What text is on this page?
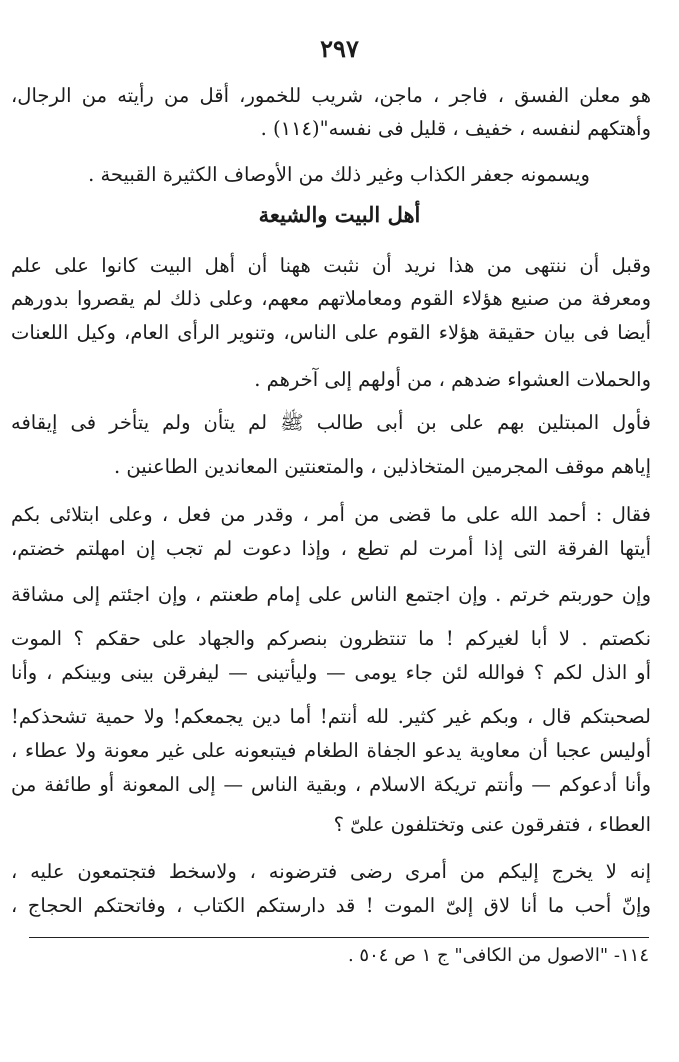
٢٩٧
هو معلن الفسق ، فاجر ، ماجن، شريب للخمور، أقل من رأيته من الرجال،
وأهتكهم لنفسه ، خفيف ، قليل فى نفسه"(١١٤) .
ويسمونه جعفر الكذاب وغير ذلك من الأوصاف الكثيرة القبيحة .
أهل البيت والشيعة
وقبل أن ننتهى من هذا نريد أن نثبت ههنا أن أهل البيت كانوا على علم
ومعرفة من صنيع هؤلاء القوم ومعاملاتهم معهم، وعلى ذلك لم يقصروا بدورهم
أيضا فى بيان حقيقة هؤلاء القوم على الناس، وتنوير الرأى العام، وكيل اللعنات
والحملات العشواء ضدهم ، من أولهم إلى آخرهم .
فأول المبتلين بهم على بن أبى طالب ﷺ لم يتأن ولم يتأخر فى إيقافه
إياهم موقف المجرمين المتخاذلين ، والمتعنتين المعاندين الطاعنين .
فقال : أحمد الله على ما قضى من أمر ، وقدر من فعل ، وعلى ابتلائى بكم
أيتها الفرقة التى إذا أمرت لم تطع ، وإذا دعوت لم تجب إن امهلتم خضتم،
وإن حوربتم خرتم . وإن اجتمع الناس على إمام طعنتم ، وإن اجئتم إلى مشاقة
نكصتم . لا أبا لغيركم ! ما تنتظرون بنصركم والجهاد على حقكم ؟ الموت
أو الذل لكم ؟ فوالله لئن جاء يومى — وليأتينى — ليفرقن بينى وبينكم ، وأنا
لصحبتكم قال ، وبكم غير كثير. لله أنتم! أما دين يجمعكم! ولا حمية تشحذكم!
أوليس عجبا أن معاوية يدعو الجفاة الطغام فيتبعونه على غير معونة ولا عطاء ،
وأنا أدعوكم — وأنتم تريكة الاسلام ، وبقية الناس — إلى المعونة أو طائفة من
العطاء ، فتفرقون عنى وتختلفون علىّ ؟
إنه لا يخرج إليكم من أمرى رضى فترضونه ، ولاسخط فتجتمعون عليه ،
وإنّ أحب ما أنا لاق إلىّ الموت ! قد دارستكم الكتاب ، وفاتحتكم الحجاج ،
١١٤- "الاصول من الكافى" ج ١ ص ٥٠٤ .
